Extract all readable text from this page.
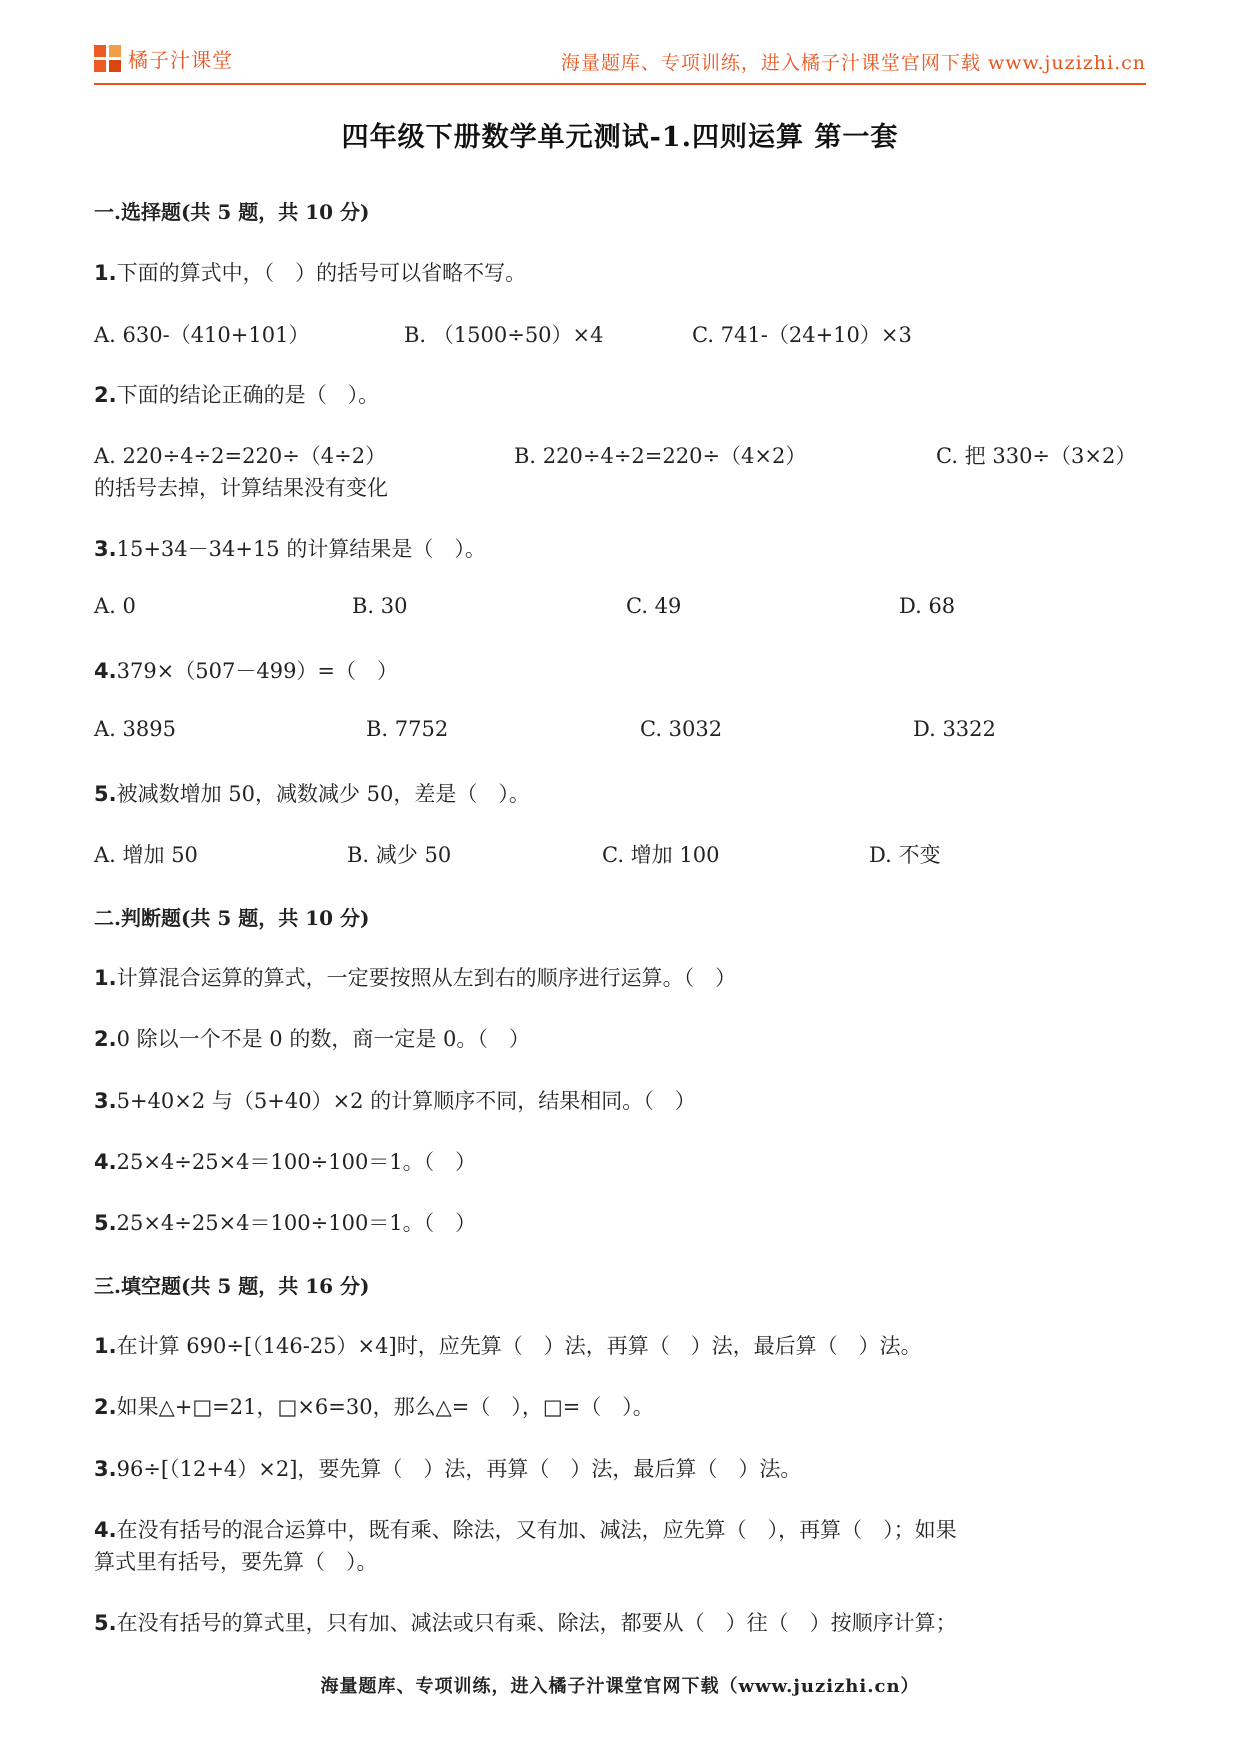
橘子汁课堂	海量题库、专项训练，进入橘子汁课堂官网下载 www.juzizhi.cn
四年级下册数学单元测试-1.四则运算 第一套
一.选择题(共 5 题，共 10 分)
1.下面的算式中，（　）的括号可以省略不写。
A. 630-（410+101）	B. （1500÷50）×4	C. 741-（24+10）×3
2.下面的结论正确的是（　）。
A. 220÷4÷2=220÷（4÷2）	B. 220÷4÷2=220÷（4×2）	C. 把 330÷（3×2）
的括号去掉，计算结果没有变化
3.15+34－34+15 的计算结果是（　）。
A. 0	B. 30	C. 49	D. 68
4.379×（507－499）=（　）
A. 3895	B. 7752	C. 3032	D. 3322
5.被减数增加 50，减数减少 50，差是（　）。
A. 增加 50	B. 减少 50	C. 增加 100	D. 不变
二.判断题(共 5 题，共 10 分)
1.计算混合运算的算式，一定要按照从左到右的顺序进行运算。（　）
2.0 除以一个不是 0 的数，商一定是 0。（　）
3.5+40×2 与（5+40）×2 的计算顺序不同，结果相同。（　）
4.25×4÷25×4＝100÷100＝1。（　）
5.25×4÷25×4＝100÷100＝1。（　）
三.填空题(共 5 题，共 16 分)
1.在计算 690÷[（146-25）×4]时，应先算（　）法，再算（　）法，最后算（　）法。
2.如果△+□=21，□×6=30，那么△=（　），□=（　）。
3.96÷[（12+4）×2]，要先算（　）法，再算（　）法，最后算（　）法。
4.在没有括号的混合运算中，既有乘、除法，又有加、减法，应先算（　），再算（　）；如果
算式里有括号，要先算（　）。
5.在没有括号的算式里，只有加、减法或只有乘、除法，都要从（　）往（　）按顺序计算；
海量题库、专项训练，进入橘子汁课堂官网下载（www.juzizhi.cn）
